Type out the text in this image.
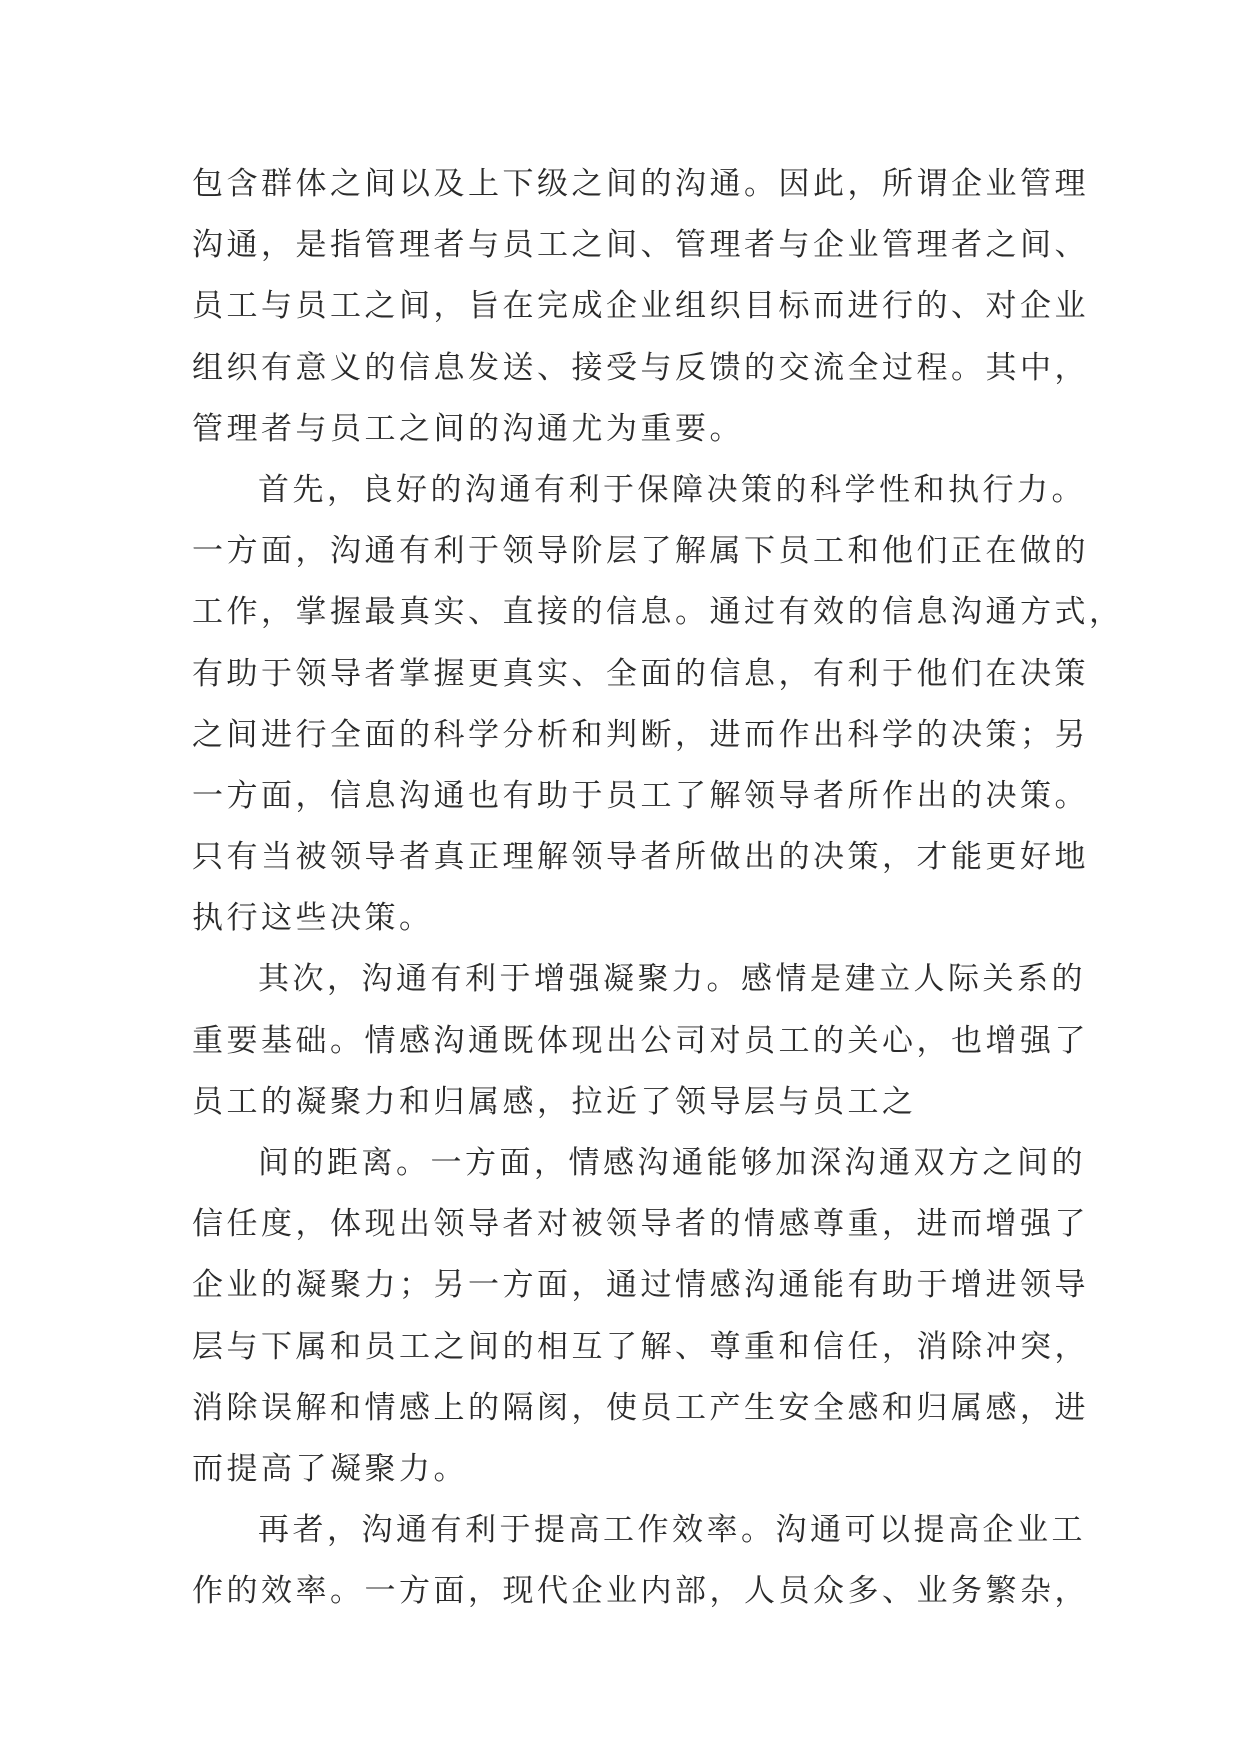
包含群体之间以及上下级之间的沟通。因此，所谓企业管理
沟通，是指管理者与员工之间、管理者与企业管理者之间、
员工与员工之间，旨在完成企业组织目标而进行的、对企业
组织有意义的信息发送、接受与反馈的交流全过程。其中，
管理者与员工之间的沟通尤为重要。
首先，良好的沟通有利于保障决策的科学性和执行力。
一方面，沟通有利于领导阶层了解属下员工和他们正在做的
工作，掌握最真实、直接的信息。通过有效的信息沟通方式，
有助于领导者掌握更真实、全面的信息，有利于他们在决策
之间进行全面的科学分析和判断，进而作出科学的决策；另
一方面，信息沟通也有助于员工了解领导者所作出的决策。
只有当被领导者真正理解领导者所做出的决策，才能更好地
执行这些决策。
其次，沟通有利于增强凝聚力。感情是建立人际关系的
重要基础。情感沟通既体现出公司对员工的关心，也增强了
员工的凝聚力和归属感，拉近了领导层与员工之
间的距离。一方面，情感沟通能够加深沟通双方之间的
信任度，体现出领导者对被领导者的情感尊重，进而增强了
企业的凝聚力；另一方面，通过情感沟通能有助于增进领导
层与下属和员工之间的相互了解、尊重和信任，消除冲突，
消除误解和情感上的隔阂，使员工产生安全感和归属感，进
而提高了凝聚力。
再者，沟通有利于提高工作效率。沟通可以提高企业工
作的效率。一方面，现代企业内部，人员众多、业务繁杂，
